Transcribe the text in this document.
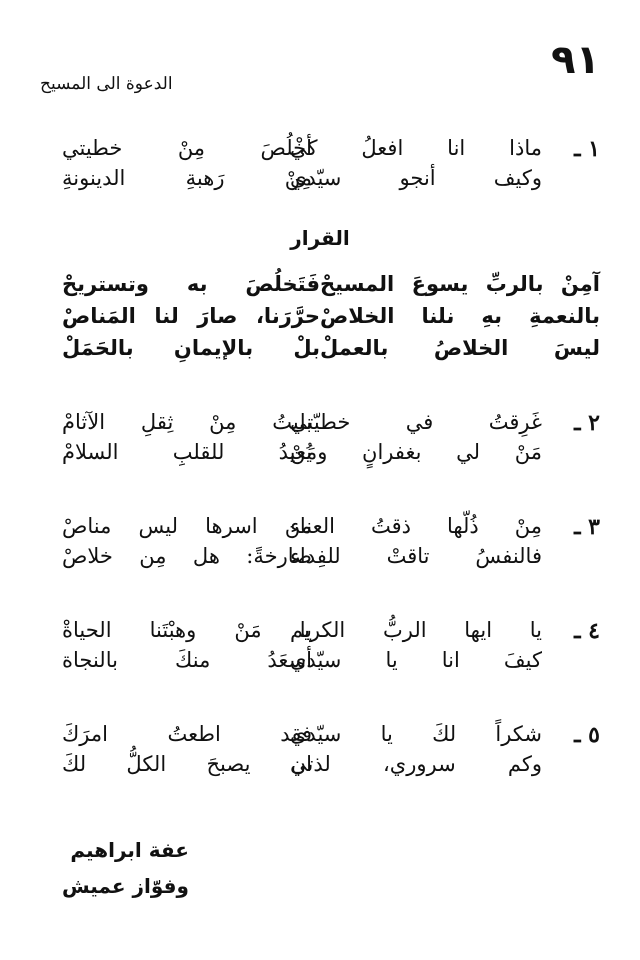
٩١
الدعوة الى المسيح
١ ـ
ماذا انا افعلُ كي
أخْلُصَ مِنْ خطيتي
وكيف أنجو سيّدي
مِنْ رَهبةِ الدينونةِ
القرار
آمِنْ بالربِّ يسوعَ المسيحْ
فَتَخلُصَ به وتستريحْ
بالنعمةِ بهِ نلنا الخلاصْ
حرَّرَنا، صارَ لنا المَناصْ
ليسَ الخلاصُ بالعملْ
بلْ بالإيمانِ بالحَمَلْ
٢ ـ
غَرِقتُ في خطيّتي
بليتُ مِنْ ثِقلِ الآثامْ
مَنْ لي بغفرانٍ ومَنْ
يُعيدُ للقلبِ السلامْ
٣ ـ
مِنْ ذُلّها ذقتُ العناء
من اسرها ليس مناصْ
فالنفسُ تاقتْ للفِداء
صارخةً: هل مِن خلاصْ
٤ ـ
يا ايها الربُّ الكريم
يا مَنْ وهبْتَنا الحياةْ
كيفَ انا يا سيّدي
أسعَدُ منكَ بالنجاة
٥ ـ
شكراً لكَ يا سيّدي
فقد اطعتُ امرَكَ
وكم سروري، لذتي
ان يصبحَ الكلُّ لكَ
عفة ابراهيم
وفوّاز عميش
